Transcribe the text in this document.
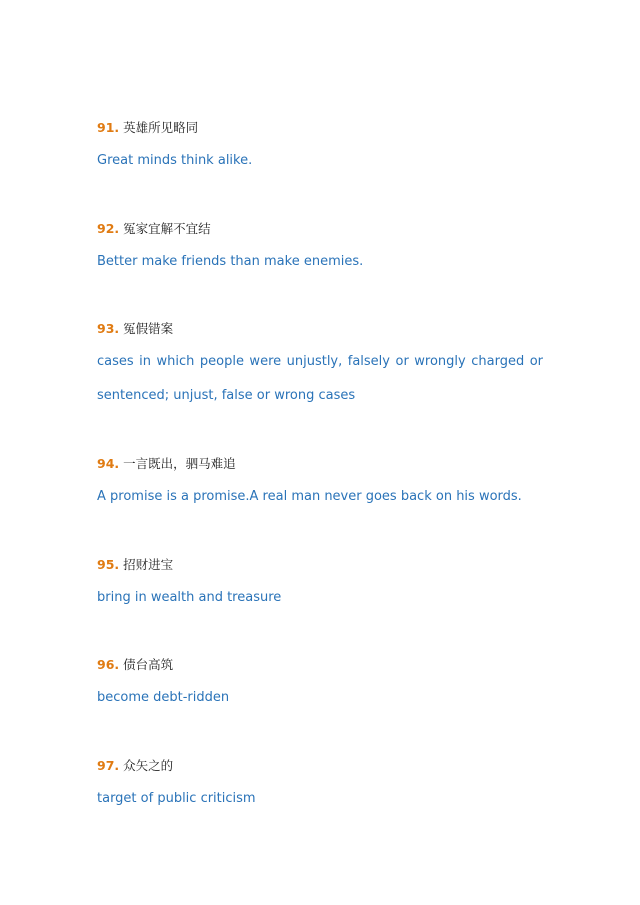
91. 英雄所见略同
Great minds think alike.
92. 冤家宜解不宜结
Better make friends than make enemies.
93. 冤假错案
cases in which people were unjustly, falsely or wrongly charged or sentenced; unjust, false or wrong cases
94. 一言既出，驷马难追
A promise is a promise.A real man never goes back on his words.
95. 招财进宝
bring in wealth and treasure
96. 债台高筑
become debt-ridden
97. 众矢之的
target of public criticism
